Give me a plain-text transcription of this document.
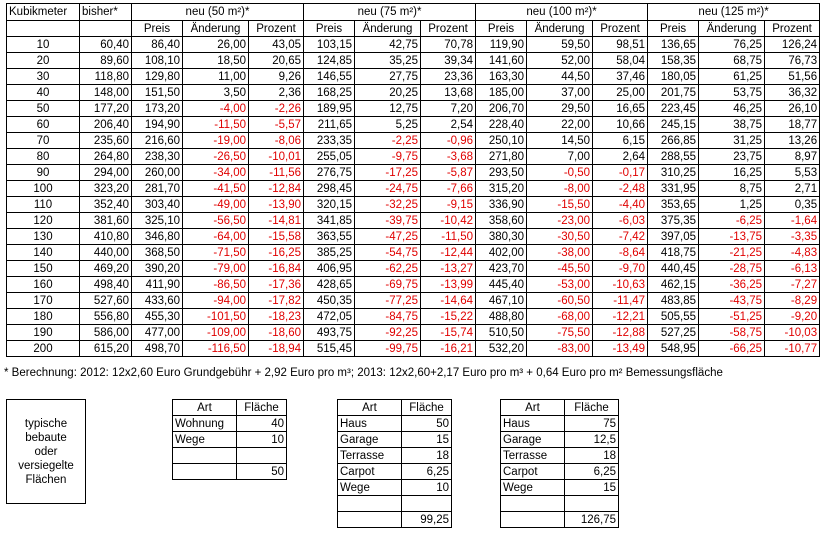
Kubikmeter	bisher*	neu (50 m²)*			neu (75 m²)*			neu (100 m²)*			neu (125 m²)*		
		Preis	Änderung	Prozent	Preis	Änderung	Prozent	Preis	Änderung	Prozent	Preis	Änderung	Prozent
10	60,40	86,40	26,00	43,05	103,15	42,75	70,78	119,90	59,50	98,51	136,65	76,25	126,24
20	89,60	108,10	18,50	20,65	124,85	35,25	39,34	141,60	52,00	58,04	158,35	68,75	76,73
30	118,80	129,80	11,00	9,26	146,55	27,75	23,36	163,30	44,50	37,46	180,05	61,25	51,56
40	148,00	151,50	3,50	2,36	168,25	20,25	13,68	185,00	37,00	25,00	201,75	53,75	36,32
50	177,20	173,20	-4,00	-2,26	189,95	12,75	7,20	206,70	29,50	16,65	223,45	46,25	26,10
60	206,40	194,90	-11,50	-5,57	211,65	5,25	2,54	228,40	22,00	10,66	245,15	38,75	18,77
70	235,60	216,60	-19,00	-8,06	233,35	-2,25	-0,96	250,10	14,50	6,15	266,85	31,25	13,26
80	264,80	238,30	-26,50	-10,01	255,05	-9,75	-3,68	271,80	7,00	2,64	288,55	23,75	8,97
90	294,00	260,00	-34,00	-11,56	276,75	-17,25	-5,87	293,50	-0,50	-0,17	310,25	16,25	5,53
100	323,20	281,70	-41,50	-12,84	298,45	-24,75	-7,66	315,20	-8,00	-2,48	331,95	8,75	2,71
110	352,40	303,40	-49,00	-13,90	320,15	-32,25	-9,15	336,90	-15,50	-4,40	353,65	1,25	0,35
120	381,60	325,10	-56,50	-14,81	341,85	-39,75	-10,42	358,60	-23,00	-6,03	375,35	-6,25	-1,64
130	410,80	346,80	-64,00	-15,58	363,55	-47,25	-11,50	380,30	-30,50	-7,42	397,05	-13,75	-3,35
140	440,00	368,50	-71,50	-16,25	385,25	-54,75	-12,44	402,00	-38,00	-8,64	418,75	-21,25	-4,83
150	469,20	390,20	-79,00	-16,84	406,95	-62,25	-13,27	423,70	-45,50	-9,70	440,45	-28,75	-6,13
160	498,40	411,90	-86,50	-17,36	428,65	-69,75	-13,99	445,40	-53,00	-10,63	462,15	-36,25	-7,27
170	527,60	433,60	-94,00	-17,82	450,35	-77,25	-14,64	467,10	-60,50	-11,47	483,85	-43,75	-8,29
180	556,80	455,30	-101,50	-18,23	472,05	-84,75	-15,22	488,80	-68,00	-12,21	505,55	-51,25	-9,20
190	586,00	477,00	-109,00	-18,60	493,75	-92,25	-15,74	510,50	-75,50	-12,88	527,25	-58,75	-10,03
200	615,20	498,70	-116,50	-18,94	515,45	-99,75	-16,21	532,20	-83,00	-13,49	548,95	-66,25	-10,77
* Berechnung: 2012: 12x2,60 Euro Grundgebühr + 2,92 Euro pro m³; 2013: 12x2,60+2,17 Euro pro m³ + 0,64 Euro pro m² Bemessungsfläche
typische
bebaute
oder
versiegelte
Flächen
Art	Fläche
Wohnung	40
Wege	10

	50
Art	Fläche
Haus	50
Garage	15
Terrasse	18
Carpot	6,25
Wege	10

	99,25
Art	Fläche
Haus	75
Garage	12,5
Terrasse	18
Carpot	6,25
Wege	15

	126,75
